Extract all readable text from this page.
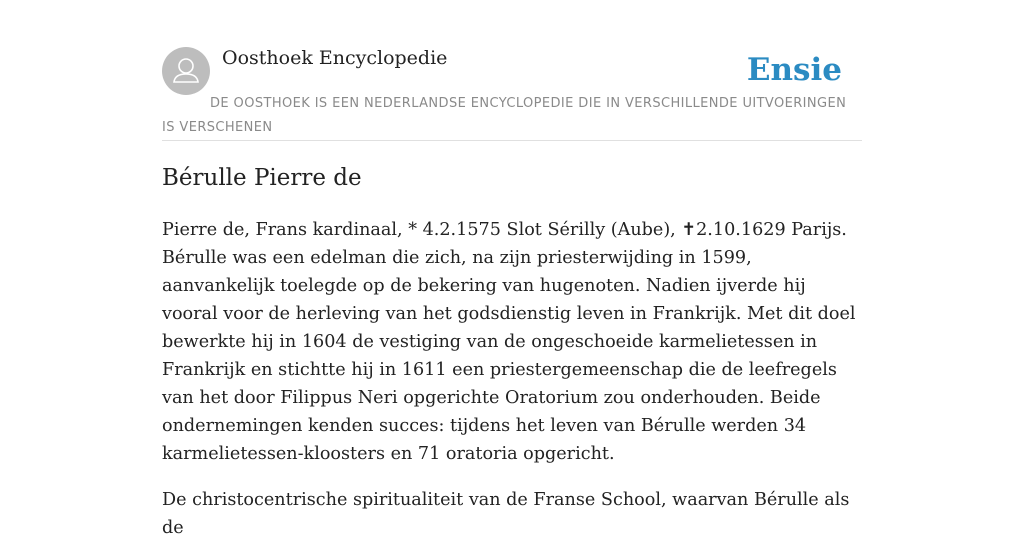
Oosthoek Encyclopedie	Ensie
DE OOSTHOEK IS EEN NEDERLANDSE ENCYCLOPEDIE DIE IN VERSCHILLENDE UITVOERINGEN IS VERSCHENEN
Bérulle Pierre de

Pierre de, Frans kardinaal, * 4.2.1575 Slot Sérilly (Aube), ✝2.10.1629 Parijs. Bérulle was een edelman die zich, na zijn priesterwijding in 1599, aanvankelijk toelegde op de bekering van hugenoten. Nadien ijverde hij vooral voor de herleving van het godsdienstig leven in Frankrijk. Met dit doel bewerkte hij in 1604 de vestiging van de ongeschoeide karmelietessen in Frankrijk en stichtte hij in 1611 een priestergemeenschap die de leefregels van het door Filippus Neri opgerichte Oratorium zou onderhouden. Beide ondernemingen kenden succes: tijdens het leven van Bérulle werden 34 karmelietessen-kloosters en 71 oratoria opgericht.

De christocentrische spiritualiteit van de Franse School, waarvan Bérulle als de
